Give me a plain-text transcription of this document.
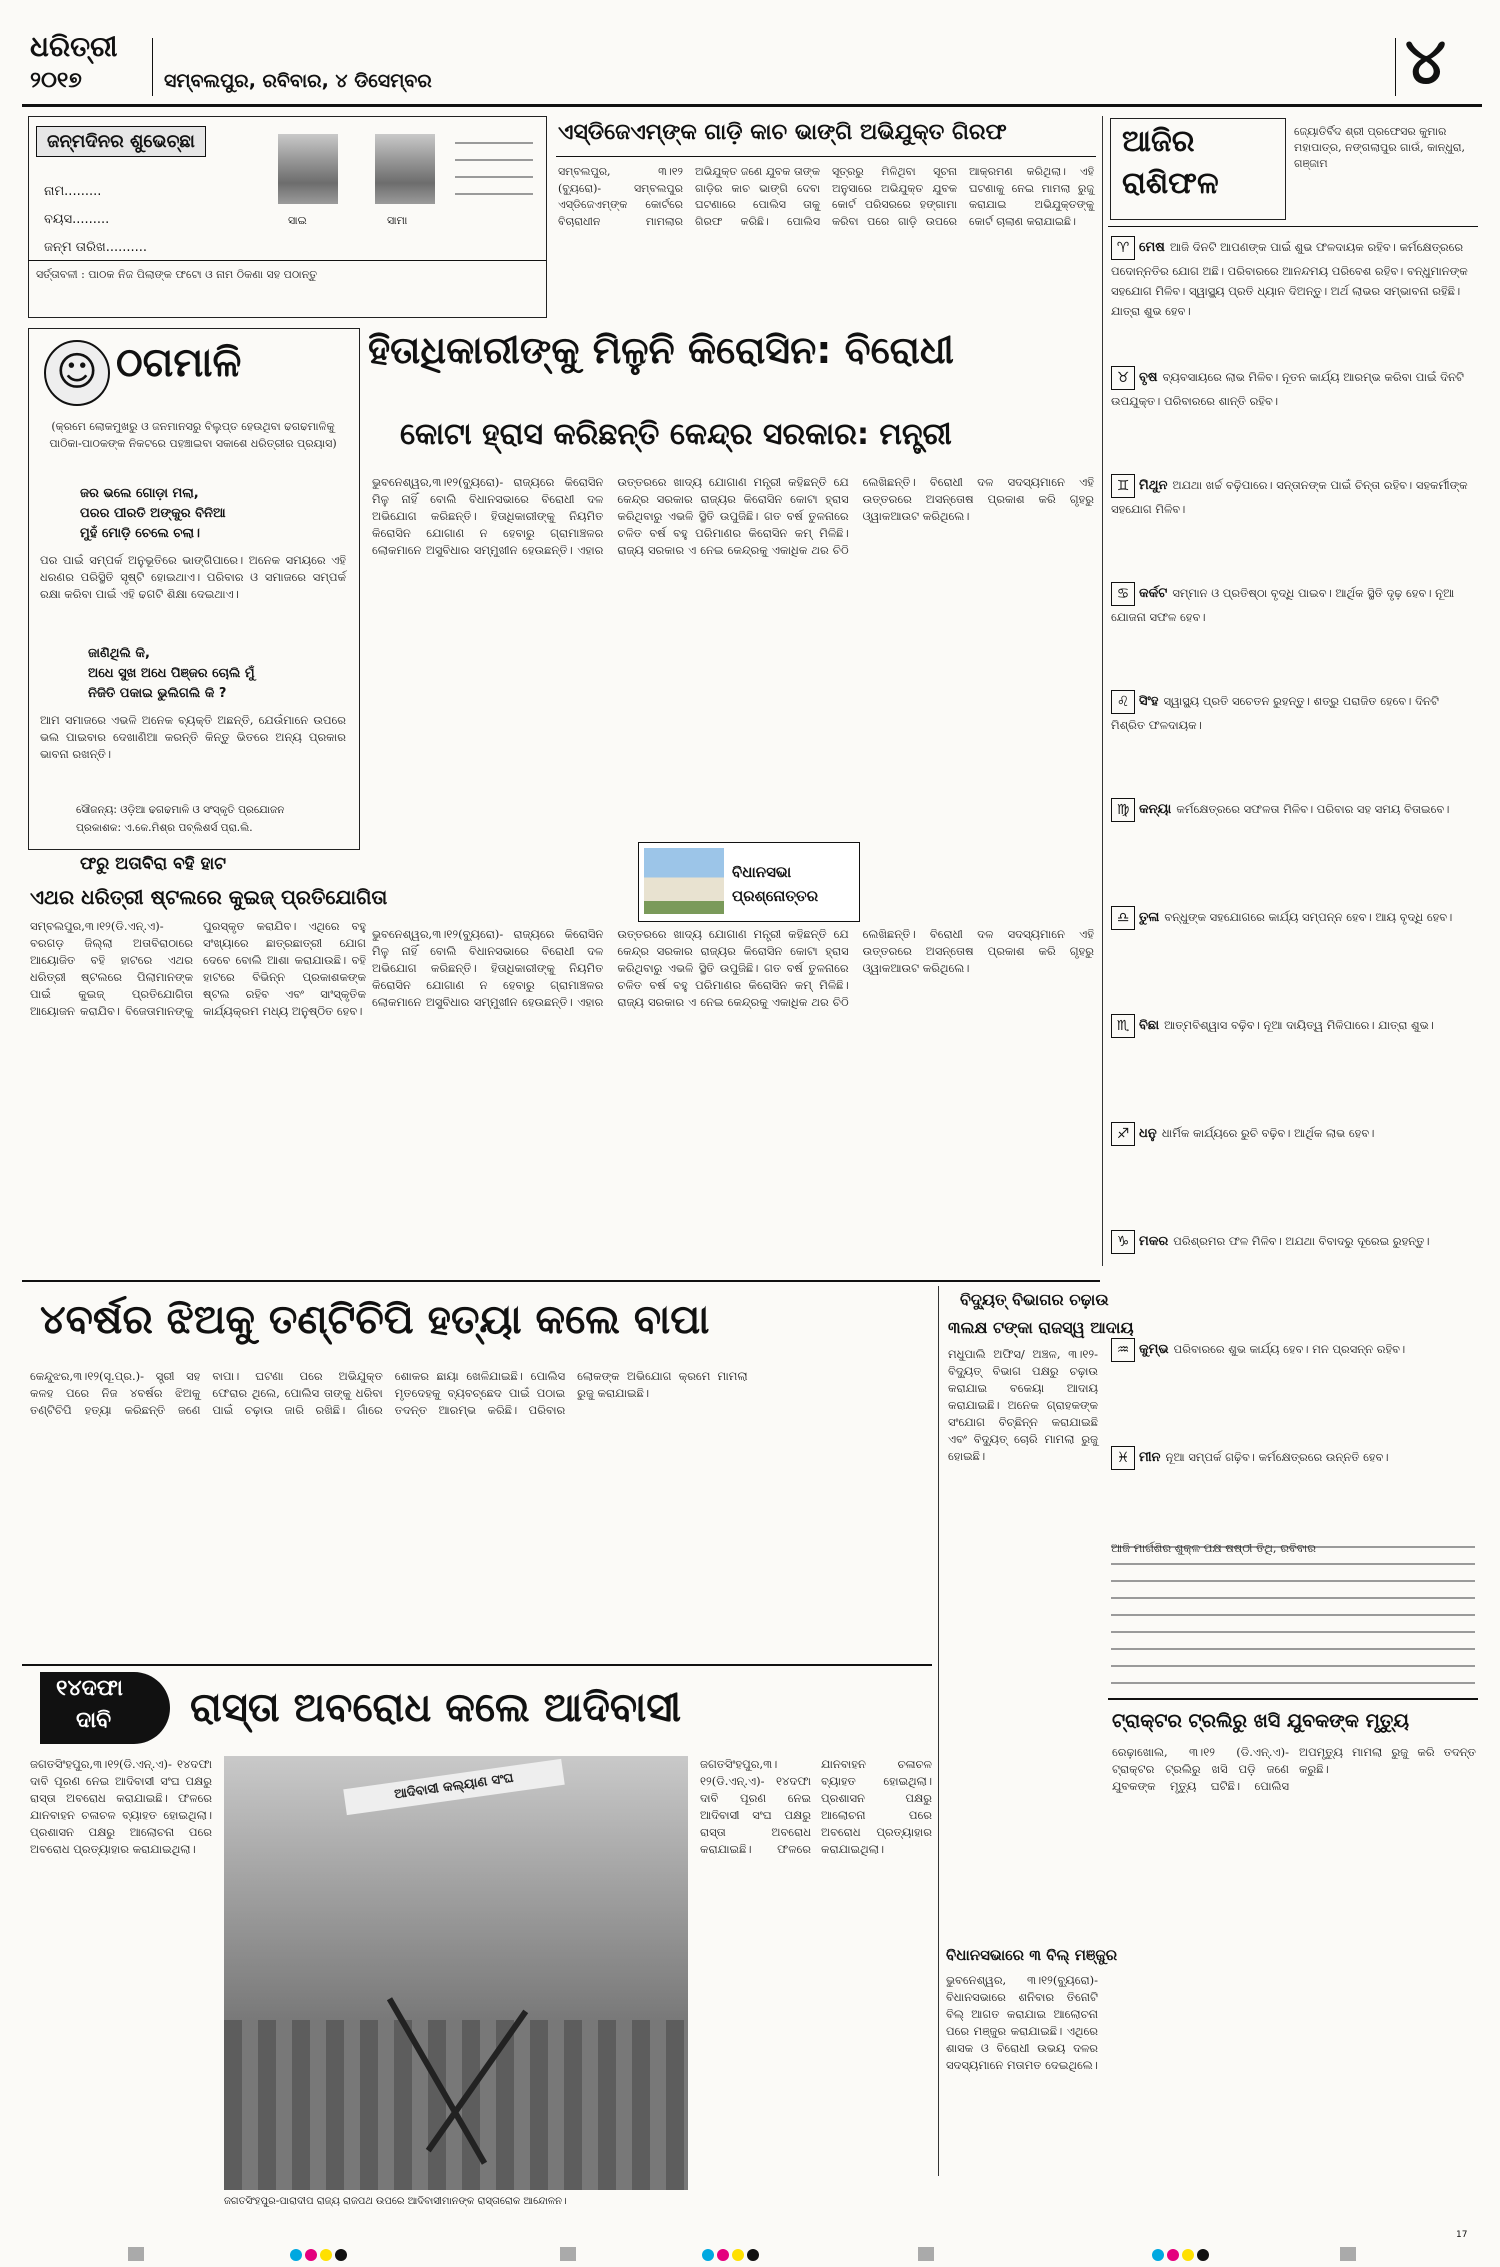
ଧରିତ୍ରୀ
୨୦୧୭	ସମ୍ବଲପୁର, ରବିବାର, ୪ ଡିସେମ୍ବର	୪
ଜନ୍ମଦିନର ଶୁଭେଚ୍ଛା
ନାମ.........
ବୟସ.........
ଜନ୍ମ ତାରିଖ..........
ସାଇ	ସାମା
ସର୍ତ୍ତାବଳୀ : ପାଠକ ନିଜ ପିଲାଙ୍କ ଫଟୋ ଓ ନାମ ଠିକଣା ସହ ପଠାନ୍ତୁ
ଏସ୍‌ଡିଜେଏମ୍‌ଙ୍କ ଗାଡ଼ି କାଚ ଭାଙ୍ଗି ଅଭିଯୁକ୍ତ ଗିରଫ
ସମ୍ବଲପୁର, ୩।୧୨ (ବ୍ୟୁରୋ)- ସମ୍ବଲପୁର ଏସ୍‌ଡିଜେଏମ୍‌ଙ୍କ କୋର୍ଟରେ ବିଚାରାଧୀନ ମାମଲାର ଅଭିଯୁକ୍ତ ଜଣେ ଯୁବକ ତାଙ୍କ ଗାଡ଼ିର କାଚ ଭାଙ୍ଗି ଦେବା ଘଟଣାରେ ପୋଲିସ ତାକୁ ଗିରଫ କରିଛି। ପୋଲିସ ସୂତ୍ରରୁ ମିଳିଥିବା ସୂଚନା ଅନୁସାରେ ଅଭିଯୁକ୍ତ ଯୁବକ କୋର୍ଟ ପରିସରରେ ହଙ୍ଗାମା କରିବା ପରେ ଗାଡ଼ି ଉପରେ ଆକ୍ରମଣ କରିଥିଲା। ଏହି ଘଟଣାକୁ ନେଇ ମାମଲା ରୁଜୁ କରାଯାଇ ଅଭିଯୁକ୍ତଙ୍କୁ କୋର୍ଟ ଚାଲାଣ କରାଯାଇଛି।
ଆଜିର
ରାଶିଫଳ
ଜ୍ୟୋତିର୍ବିଦ ଶ୍ରୀ ପ୍ରଫେସର କୁମାର ମହାପାତ୍ର, ନଙ୍ଗଲାପୁର ଗାଉଁ, କାନ୍ଧୁରା, ଗଞ୍ଜାମ
♈ ମେଷ ଆଜି ଦିନଟି ଆପଣଙ୍କ ପାଇଁ ଶୁଭ ଫଳଦାୟକ ରହିବ। କର୍ମକ୍ଷେତ୍ରରେ ପଦୋନ୍ନତିର ଯୋଗ ଅଛି। ପରିବାରରେ ଆନନ୍ଦମୟ ପରିବେଶ ରହିବ। ବନ୍ଧୁମାନଙ୍କ ସହଯୋଗ ମିଳିବ। ସ୍ୱାସ୍ଥ୍ୟ ପ୍ରତି ଧ୍ୟାନ ଦିଅନ୍ତୁ। ଅର୍ଥ ଲାଭର ସମ୍ଭାବନା ରହିଛି। ଯାତ୍ରା ଶୁଭ ହେବ।
♉ ବୃଷ ବ୍ୟବସାୟରେ ଲାଭ ମିଳିବ। ନୂତନ କାର୍ଯ୍ୟ ଆରମ୍ଭ କରିବା ପାଇଁ ଦିନଟି ଉପଯୁକ୍ତ। ପରିବାରରେ ଶାନ୍ତି ରହିବ।
♊ ମିଥୁନ ଅଯଥା ଖର୍ଚ୍ଚ ବଢ଼ିପାରେ। ସନ୍ତାନଙ୍କ ପାଇଁ ଚିନ୍ତା ରହିବ। ସହକର୍ମୀଙ୍କ ସହଯୋଗ ମିଳିବ।
♋ କର୍କଟ ସମ୍ମାନ ଓ ପ୍ରତିଷ୍ଠା ବୃଦ୍ଧି ପାଇବ। ଆର୍ଥିକ ସ୍ଥିତି ଦୃଢ଼ ହେବ। ନୂଆ ଯୋଜନା ସଫଳ ହେବ।
♌ ସିଂହ ସ୍ୱାସ୍ଥ୍ୟ ପ୍ରତି ସଚେତନ ରୁହନ୍ତୁ। ଶତ୍ରୁ ପରାଜିତ ହେବେ। ଦିନଟି ମିଶ୍ରିତ ଫଳଦାୟକ।
♍ କନ୍ୟା କର୍ମକ୍ଷେତ୍ରରେ ସଫଳତା ମିଳିବ। ପରିବାର ସହ ସମୟ ବିତାଇବେ।
♎ ତୁଳା ବନ୍ଧୁଙ୍କ ସହଯୋଗରେ କାର୍ଯ୍ୟ ସମ୍ପନ୍ନ ହେବ। ଆୟ ବୃଦ୍ଧି ହେବ।
♏ ବିଛା ଆତ୍ମବିଶ୍ୱାସ ବଢ଼ିବ। ନୂଆ ଦାୟିତ୍ୱ ମିଳିପାରେ। ଯାତ୍ରା ଶୁଭ।
♐ ଧନୁ ଧାର୍ମିକ କାର୍ଯ୍ୟରେ ରୁଚି ବଢ଼ିବ। ଆର୍ଥିକ ଲାଭ ହେବ।
♑ ମକର ପରିଶ୍ରମର ଫଳ ମିଳିବ। ଅଯଥା ବିବାଦରୁ ଦୂରେଇ ରୁହନ୍ତୁ।
♒ କୁମ୍ଭ ପରିବାରରେ ଶୁଭ କାର୍ଯ୍ୟ ହେବ। ମନ ପ୍ରସନ୍ନ ରହିବ।
♓ ମୀନ ନୂଆ ସମ୍ପର୍କ ଗଢ଼ିବ। କର୍ମକ୍ଷେତ୍ରରେ ଉନ୍ନତି ହେବ।
ଆଜି ମାର୍ଗଶିର ଶୁକ୍ଳ ପକ୍ଷ ଷଷ୍ଠୀ ତିଥି, ରବିବାର
☺ ଠଗମାଳି
(କ୍ରମେ ଲୋକମୁଖରୁ ଓ ଜନମାନସରୁ ବିଲୁପ୍ତ ହେଉଥିବା ଢଗଢମାଳିକୁ ପାଠିକା-ପାଠକଙ୍କ ନିକଟରେ ପହଞ୍ଚାଇବା ସକାଶେ ଧରିତ୍ରୀର ପ୍ରୟାସ)
ଜର ଭଲେ ଗୋଡ଼ା ମଲା,
ପରର ପୀରତି ଅଙ୍କୁର ବିନିଆ
ମୁହଁ ମୋଡ଼ି ଚେଲେ ଚଲା।
ପର ପାଇଁ ସମ୍ପର୍କ ଅନୁଭୂତିରେ ଭାଙ୍ଗିପାରେ। ଅନେକ ସମୟରେ ଏହି ଧରଣର ପରିସ୍ଥିତି ସୃଷ୍ଟି ହୋଇଥାଏ। ପରିବାର ଓ ସମାଜରେ ସମ୍ପର୍କ ରକ୍ଷା କରିବା ପାଇଁ ଏହି ଢଗଟି ଶିକ୍ଷା ଦେଇଥାଏ।
ଜାଣିଥିଲି କି,
ଅଧେ ସୁଖ ଅଧେ ପିଞ୍ଜର ଚୋଲି ମୁଁ
ନିଜିତି ପକାଇ ଭୁଲିଗଲି କି ?
ଆମ ସମାଜରେ ଏଭଳି ଅନେକ ବ୍ୟକ୍ତି ଅଛନ୍ତି, ଯେଉଁମାନେ ଉପରେ ଭଲ ପାଇବାର ଦେଖାଣିଆ କରନ୍ତି କିନ୍ତୁ ଭିତରେ ଅନ୍ୟ ପ୍ରକାର ଭାବନା ରଖନ୍ତି।
ସୌଜନ୍ୟ: ଓଡ଼ିଆ ଢଗଢମାଳି ଓ ସଂସ୍କୃତି ପ୍ରଯୋଜନ
ପ୍ରକାଶକ: ଏ.କେ.ମିଶ୍ର ପବ୍ଲିଶର୍ସ ପ୍ରା.ଲି.
ହିତାଧିକାରୀଙ୍କୁ ମିଳୁନି କିରୋସିନ: ବିରୋଧୀ
କୋଟା ହ୍ରାସ କରିଛନ୍ତି କେନ୍ଦ୍ର ସରକାର: ମନ୍ତ୍ରୀ
ଭୁବନେଶ୍ୱର,୩।୧୨(ବ୍ୟୁରୋ)- ରାଜ୍ୟରେ କିରୋସିନ ମିଳୁ ନାହିଁ ବୋଲି ବିଧାନସଭାରେ ବିରୋଧୀ ଦଳ ଅଭିଯୋଗ କରିଛନ୍ତି। ହିତାଧିକାରୀଙ୍କୁ ନିୟମିତ କିରୋସିନ ଯୋଗାଣ ନ ହେବାରୁ ଗ୍ରାମାଞ୍ଚଳର ଲୋକମାନେ ଅସୁବିଧାର ସମ୍ମୁଖୀନ ହେଉଛନ୍ତି। ଏହାର ଉତ୍ତରରେ ଖାଦ୍ୟ ଯୋଗାଣ ମନ୍ତ୍ରୀ କହିଛନ୍ତି ଯେ କେନ୍ଦ୍ର ସରକାର ରାଜ୍ୟର କିରୋସିନ କୋଟା ହ୍ରାସ କରିଥିବାରୁ ଏଭଳି ସ୍ଥିତି ଉପୁଜିଛି। ଗତ ବର୍ଷ ତୁଳନାରେ ଚଳିତ ବର୍ଷ ବହୁ ପରିମାଣର କିରୋସିନ କମ୍ ମିଳିଛି। ରାଜ୍ୟ ସରକାର ଏ ନେଇ କେନ୍ଦ୍ରକୁ ଏକାଧିକ ଥର ଚିଠି ଲେଖିଛନ୍ତି। ବିରୋଧୀ ଦଳ ସଦସ୍ୟମାନେ ଏହି ଉତ୍ତରରେ ଅସନ୍ତୋଷ ପ୍ରକାଶ କରି ଗୃହରୁ ଓ୍ୱାକଆଉଟ କରିଥିଲେ।
ବିଧାନସଭା ପ୍ରଶ୍ନୋତ୍ତର
ଫରୁ ଅତାବିରା ବହି ହାଟ
ଏଥର ଧରିତ୍ରୀ ଷ୍ଟଲରେ କୁଇଜ୍ ପ୍ରତିଯୋଗିତା
ସମ୍ବଲପୁର,୩।୧୨(ଡି.ଏନ୍‌.ଏ)- ବରଗଡ଼ ଜିଲ୍ଲା ଅତାବିରାଠାରେ ଆୟୋଜିତ ବହି ହାଟରେ ଏଥର ଧରିତ୍ରୀ ଷ୍ଟଲରେ ପିଲାମାନଙ୍କ ପାଇଁ କୁଇଜ୍ ପ୍ରତିଯୋଗିତା ଆୟୋଜନ କରାଯିବ। ବିଜେତାମାନଙ୍କୁ ପୁରସ୍କୃତ କରାଯିବ। ଏଥିରେ ବହୁ ସଂଖ୍ୟାରେ ଛାତ୍ରଛାତ୍ରୀ ଯୋଗ ଦେବେ ବୋଲି ଆଶା କରାଯାଉଛି। ବହି ହାଟରେ ବିଭିନ୍ନ ପ୍ରକାଶକଙ୍କ ଷ୍ଟଲ ରହିବ ଏବଂ ସାଂସ୍କୃତିକ କାର୍ଯ୍ୟକ୍ରମ ମଧ୍ୟ ଅନୁଷ୍ଠିତ ହେବ।
ଭୁବନେଶ୍ୱର,୩।୧୨(ବ୍ୟୁରୋ)- ରାଜ୍ୟରେ କିରୋସିନ ମିଳୁ ନାହିଁ ବୋଲି ବିଧାନସଭାରେ ବିରୋଧୀ ଦଳ ଅଭିଯୋଗ କରିଛନ୍ତି। ହିତାଧିକାରୀଙ୍କୁ ନିୟମିତ କିରୋସିନ ଯୋଗାଣ ନ ହେବାରୁ ଗ୍ରାମାଞ୍ଚଳର ଲୋକମାନେ ଅସୁବିଧାର ସମ୍ମୁଖୀନ ହେଉଛନ୍ତି। ଏହାର ଉତ୍ତରରେ ଖାଦ୍ୟ ଯୋଗାଣ ମନ୍ତ୍ରୀ କହିଛନ୍ତି ଯେ କେନ୍ଦ୍ର ସରକାର ରାଜ୍ୟର କିରୋସିନ କୋଟା ହ୍ରାସ କରିଥିବାରୁ ଏଭଳି ସ୍ଥିତି ଉପୁଜିଛି। ଗତ ବର୍ଷ ତୁଳନାରେ ଚଳିତ ବର୍ଷ ବହୁ ପରିମାଣର କିରୋସିନ କମ୍ ମିଳିଛି। ରାଜ୍ୟ ସରକାର ଏ ନେଇ କେନ୍ଦ୍ରକୁ ଏକାଧିକ ଥର ଚିଠି ଲେଖିଛନ୍ତି। ବିରୋଧୀ ଦଳ ସଦସ୍ୟମାନେ ଏହି ଉତ୍ତରରେ ଅସନ୍ତୋଷ ପ୍ରକାଶ କରି ଗୃହରୁ ଓ୍ୱାକଆଉଟ କରିଥିଲେ।
୪ବର୍ଷର ଝିଅକୁ ତଣ୍ଟିଚିପି ହତ୍ୟା କଲେ ବାପା
କେନ୍ଦୁଝର,୩।୧୨(ସୂ.ପ୍ର.)- ସ୍ତ୍ରୀ ସହ କଳହ ପରେ ନିଜ ୪ବର୍ଷର ଝିଅକୁ ତଣ୍ଟିଚିପି ହତ୍ୟା କରିଛନ୍ତି ଜଣେ ବାପା। ଘଟଣା ପରେ ଅଭିଯୁକ୍ତ ଫେରାର ଥିଲେ, ପୋଲିସ ତାଙ୍କୁ ଧରିବା ପାଇଁ ଚଢ଼ାଉ ଜାରି ରଖିଛି। ଗାଁରେ ଶୋକର ଛାୟା ଖେଳିଯାଇଛି। ପୋଲିସ ମୃତଦେହକୁ ବ୍ୟବଚ୍ଛେଦ ପାଇଁ ପଠାଇ ତଦନ୍ତ ଆରମ୍ଭ କରିଛି। ପରିବାର ଲୋକଙ୍କ ଅଭିଯୋଗ କ୍ରମେ ମାମଲା ରୁଜୁ କରାଯାଇଛି।
ବିଦ୍ୟୁତ୍ ବିଭାଗର ଚଢ଼ାଉ
୩ଲକ୍ଷ ଟଙ୍କା ରାଜସ୍ୱ ଆଦାୟ
ମଧୁପାଲି ଅଫିସ/ ଅଞ୍ଚଳ, ୩।୧୨- ବିଦ୍ୟୁତ୍ ବିଭାଗ ପକ୍ଷରୁ ଚଢ଼ାଉ କରାଯାଇ ବକେୟା ଆଦାୟ କରାଯାଇଛି। ଅନେକ ଗ୍ରାହକଙ୍କ ସଂଯୋଗ ବିଚ୍ଛିନ୍ନ କରାଯାଇଛି ଏବଂ ବିଦ୍ୟୁତ୍ ଚୋରି ମାମଲା ରୁଜୁ ହୋଇଛି।
୧୪ଦଫା
ଦାବି ରାସ୍ତା ଅବରୋଧ କଲେ ଆଦିବାସୀ
ଜଗତସିଂହପୁର,୩।୧୨(ଡି.ଏନ୍‌.ଏ)- ୧୪ଦଫା ଦାବି ପୂରଣ ନେଇ ଆଦିବାସୀ ସଂଘ ପକ୍ଷରୁ ରାସ୍ତା ଅବରୋଧ କରାଯାଇଛି। ଫଳରେ ଯାନବାହନ ଚଳାଚଳ ବ୍ୟାହତ ହୋଇଥିଲା। ପ୍ରଶାସନ ପକ୍ଷରୁ ଆଲୋଚନା ପରେ ଅବରୋଧ ପ୍ରତ୍ୟାହାର କରାଯାଇଥିଲା।
ଆଦିବାସୀ କଲ୍ୟାଣ ସଂଘ
ଜଗତସିଂହପୁର-ପାରାଦୀପ ରାଜ୍ୟ ରାଜପଥ ଉପରେ ଆଦିବାସୀମାନଙ୍କ ରାସ୍ତାରୋକ ଆନ୍ଦୋଳନ।
ଜଗତସିଂହପୁର,୩।୧୨(ଡି.ଏନ୍‌.ଏ)- ୧୪ଦଫା ଦାବି ପୂରଣ ନେଇ ଆଦିବାସୀ ସଂଘ ପକ୍ଷରୁ ରାସ୍ତା ଅବରୋଧ କରାଯାଇଛି। ଫଳରେ ଯାନବାହନ ଚଳାଚଳ ବ୍ୟାହତ ହୋଇଥିଲା। ପ୍ରଶାସନ ପକ୍ଷରୁ ଆଲୋଚନା ପରେ ଅବରୋଧ ପ୍ରତ୍ୟାହାର କରାଯାଇଥିଲା।
ବିଧାନସଭାରେ ୩ ବିଲ୍ ମଞ୍ଜୁର
ଭୁବନେଶ୍ୱର, ୩।୧୨(ବ୍ୟୁରୋ)- ବିଧାନସଭାରେ ଶନିବାର ତିନୋଟି ବିଲ୍ ଆଗତ କରାଯାଇ ଆଲୋଚନା ପରେ ମଞ୍ଜୁର କରାଯାଇଛି। ଏଥିରେ ଶାସକ ଓ ବିରୋଧୀ ଉଭୟ ଦଳର ସଦସ୍ୟମାନେ ମତାମତ ଦେଇଥିଲେ।
ଟ୍ରାକ୍ଟର ଟ୍ରଲିରୁ ଖସି ଯୁବକଙ୍କ ମୃତ୍ୟୁ
ରେଢ଼ାଖୋଲ, ୩।୧୨ (ଡି.ଏନ୍‌.ଏ)- ଟ୍ରାକ୍ଟର ଟ୍ରଲିରୁ ଖସି ପଡ଼ି ଜଣେ ଯୁବକଙ୍କ ମୃତ୍ୟୁ ଘଟିଛି। ପୋଲିସ ଅପମୃତ୍ୟୁ ମାମଲା ରୁଜୁ କରି ତଦନ୍ତ କରୁଛି।
17
